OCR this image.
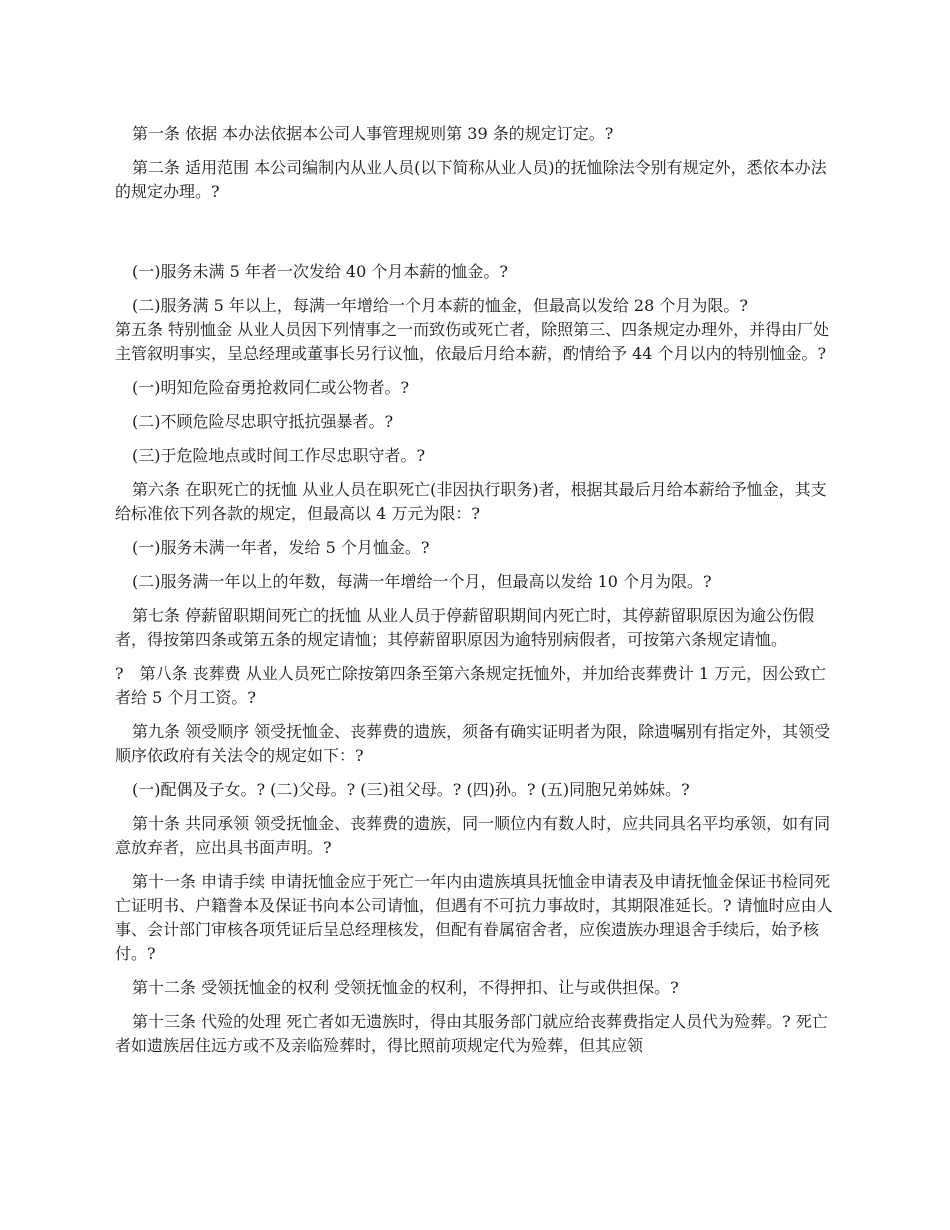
第一条 依据 本办法依据本公司人事管理规则第 39 条的规定订定。?

第二条 适用范围 本公司编制内从业人员(以下简称从业人员)的抚恤除法令别有规定外，悉依本办法的规定办理。?

(一)服务未满 5 年者一次发给 40 个月本薪的恤金。?

(二)服务满 5 年以上，每满一年增给一个月本薪的恤金，但最高以发给 28 个月为限。?

第五条 特别恤金 从业人员因下列情事之一而致伤或死亡者，除照第三、四条规定办理外，并得由厂处主管叙明事实，呈总经理或董事长另行议恤，依最后月给本薪，酌情给予 44 个月以内的特别恤金。?

(一)明知危险奋勇抢救同仁或公物者。?

(二)不顾危险尽忠职守抵抗强暴者。?

(三)于危险地点或时间工作尽忠职守者。?

第六条 在职死亡的抚恤 从业人员在职死亡(非因执行职务)者，根据其最后月给本薪给予恤金，其支给标准依下列各款的规定，但最高以 4 万元为限：?

(一)服务未满一年者，发给 5 个月恤金。?

(二)服务满一年以上的年数，每满一年增给一个月，但最高以发给 10 个月为限。?

第七条 停薪留职期间死亡的抚恤 从业人员于停薪留职期间内死亡时，其停薪留职原因为逾公伤假者，得按第四条或第五条的规定请恤；其停薪留职原因为逾特别病假者，可按第六条规定请恤。

?　第八条 丧葬费 从业人员死亡除按第四条至第六条规定抚恤外，并加给丧葬费计 1 万元，因公致亡者给 5 个月工资。?

第九条 领受顺序 领受抚恤金、丧葬费的遗族，须备有确实证明者为限，除遗嘱别有指定外，其领受顺序依政府有关法令的规定如下：?

(一)配偶及子女。? (二)父母。? (三)祖父母。? (四)孙。? (五)同胞兄弟姊妹。?

第十条 共同承领 领受抚恤金、丧葬费的遗族，同一顺位内有数人时，应共同具名平均承领，如有同意放弃者，应出具书面声明。?

第十一条 申请手续 申请抚恤金应于死亡一年内由遗族填具抚恤金申请表及申请抚恤金保证书检同死亡证明书、户籍誊本及保证书向本公司请恤，但遇有不可抗力事故时，其期限准延长。? 请恤时应由人事、会计部门审核各项凭证后呈总经理核发，但配有眷属宿舍者，应俟遗族办理退舍手续后，始予核付。?

第十二条 受领抚恤金的权利 受领抚恤金的权利，不得押扣、让与或供担保。?

第十三条 代殓的处理 死亡者如无遗族时，得由其服务部门就应给丧葬费指定人员代为殓葬。? 死亡者如遗族居住远方或不及亲临殓葬时，得比照前项规定代为殓葬，但其应领
